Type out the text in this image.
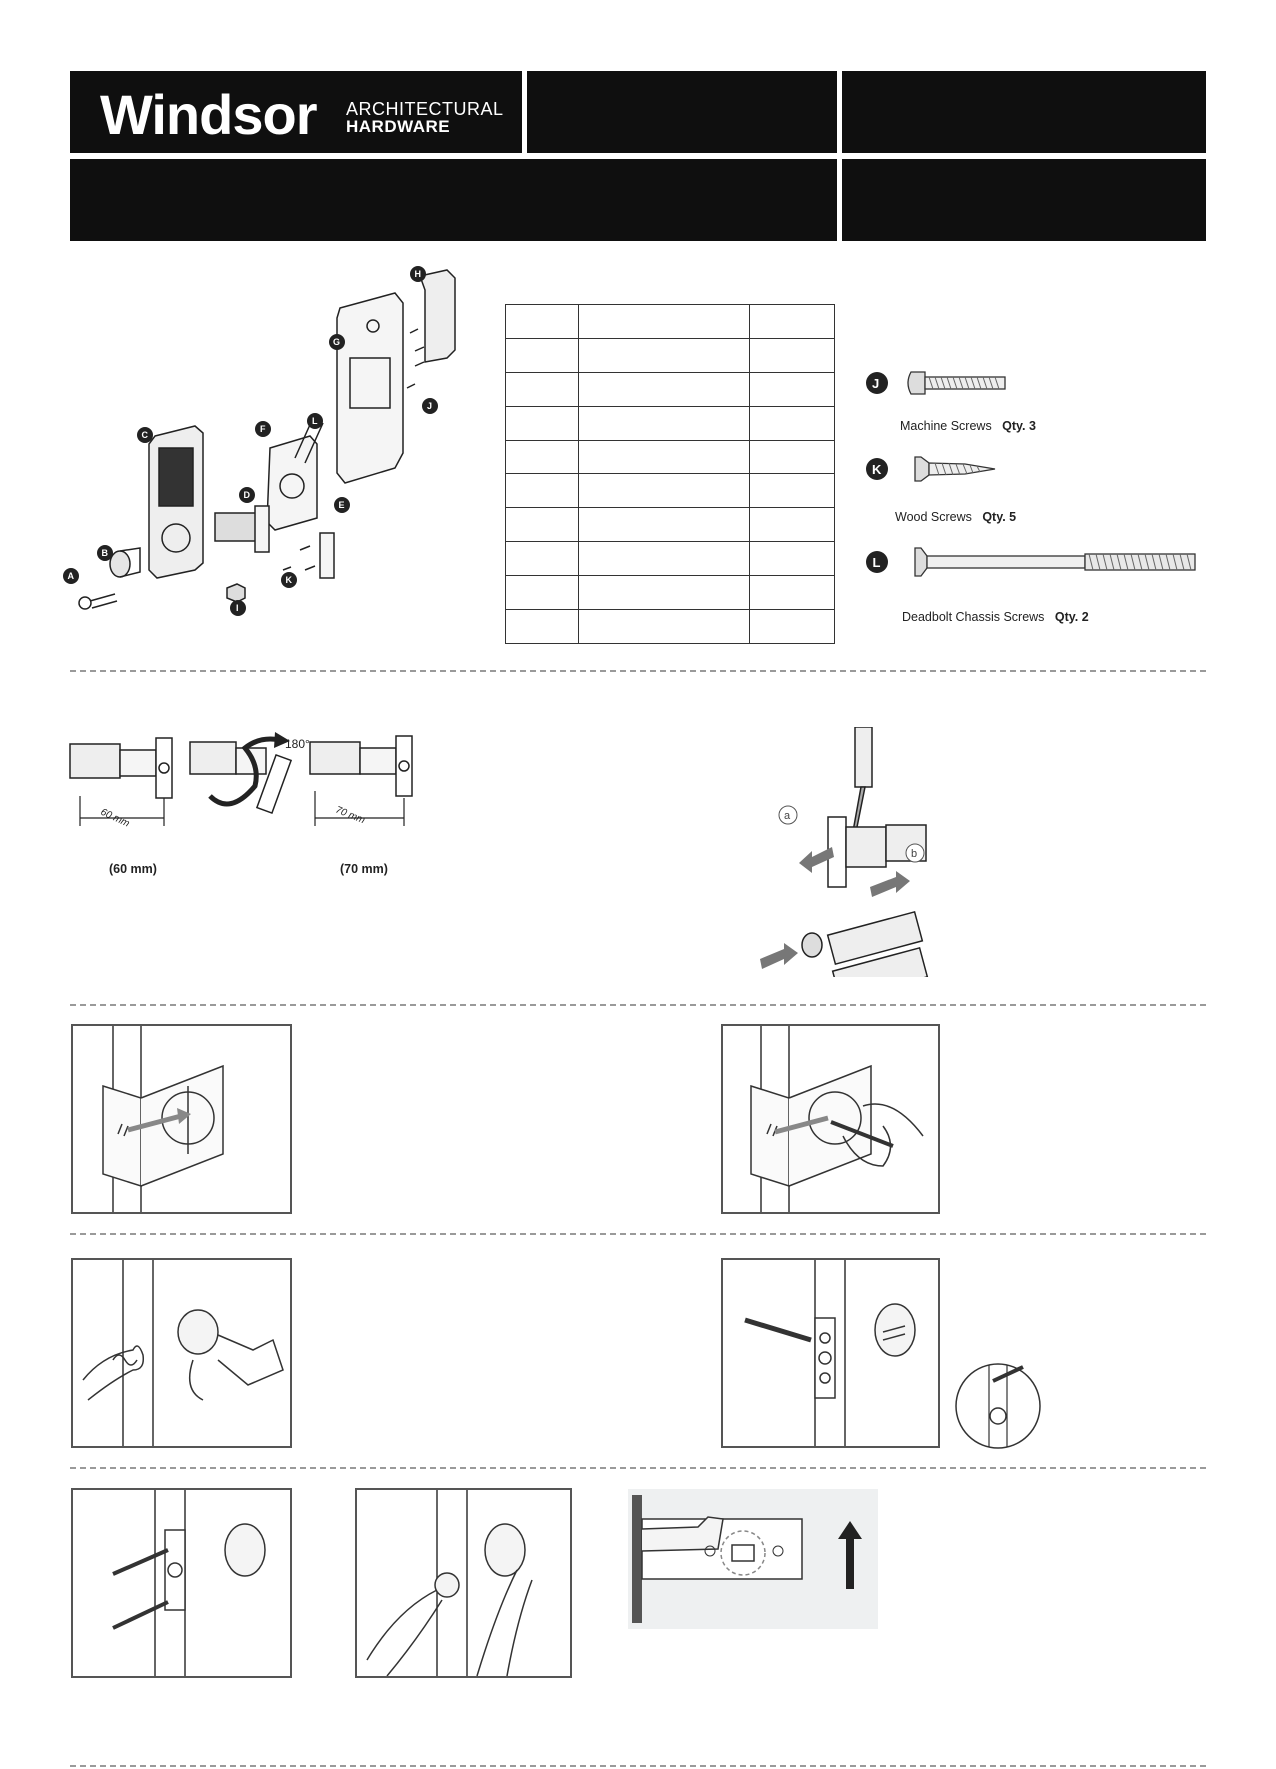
Windsor ARCHITECTURAL
HARDWARE
A
B
C
D
E
F
G
H
I
J
K
L

J
Machine Screws Qty. 3
K
Wood Screws Qty. 5
L
Deadbolt Chassis Screws Qty. 2
60 mm	70 mm
180°
(60 mm)	(70 mm)
a
b
